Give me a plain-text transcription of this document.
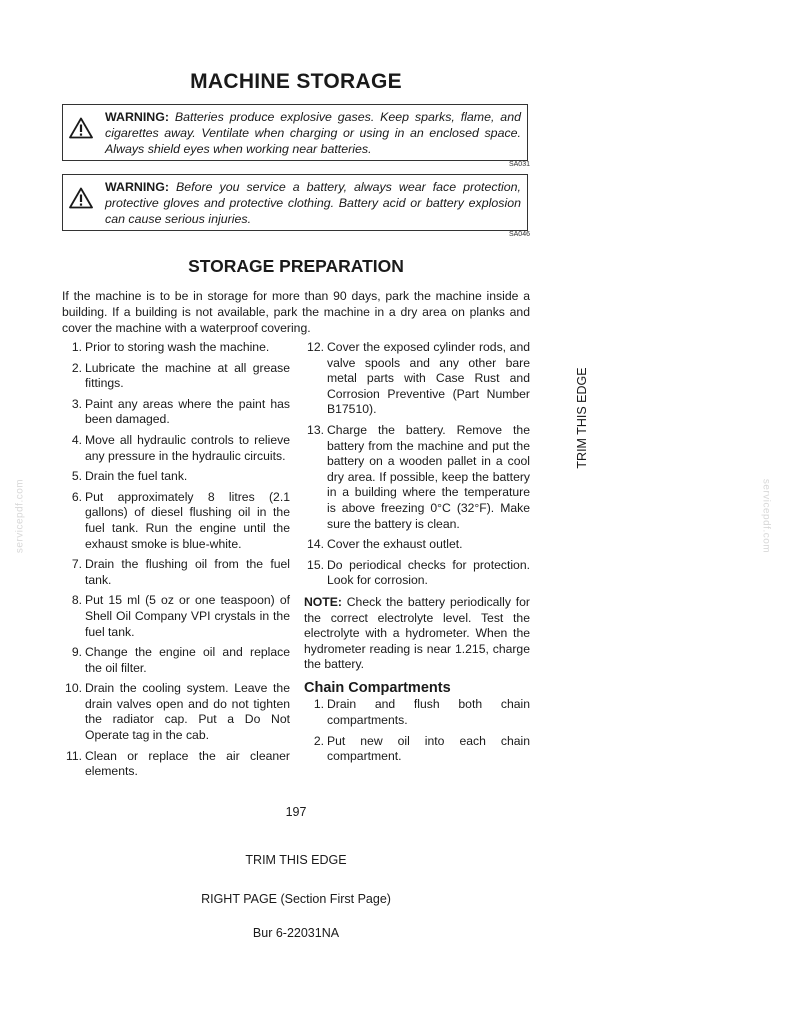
MACHINE STORAGE
WARNING: Batteries produce explosive gases. Keep sparks, flame, and cigarettes away. Ventilate when charging or using in an enclosed space. Always shield eyes when working near batteries.
SA031
WARNING: Before you service a battery, always wear face protection, protective gloves and protective clothing. Battery acid or battery explosion can cause serious injuries.
SA046
STORAGE PREPARATION
If the machine is to be in storage for more than 90 days, park the machine inside a building. If a building is not available, park the machine in a dry area on planks and cover the machine with a waterproof covering.
1. Prior to storing wash the machine.
2. Lubricate the machine at all grease fittings.
3. Paint any areas where the paint has been damaged.
4. Move all hydraulic controls to relieve any pressure in the hydraulic circuits.
5. Drain the fuel tank.
6. Put approximately 8 litres (2.1 gallons) of diesel flushing oil in the fuel tank. Run the engine until the exhaust smoke is blue-white.
7. Drain the flushing oil from the fuel tank.
8. Put 15 ml (5 oz or one teaspoon) of Shell Oil Company VPI crystals in the fuel tank.
9. Change the engine oil and replace the oil filter.
10. Drain the cooling system. Leave the drain valves open and do not tighten the radiator cap. Put a Do Not Operate tag in the cab.
11. Clean or replace the air cleaner elements.
12. Cover the exposed cylinder rods, and valve spools and any other bare metal parts with Case Rust and Corrosion Preventive (Part Number B17510).
13. Charge the battery. Remove the battery from the machine and put the battery on a wooden pallet in a cool dry area. If possible, keep the battery in a building where the temperature is above freezing 0°C (32°F). Make sure the battery is clean.
14. Cover the exhaust outlet.
15. Do periodical checks for protection. Look for corrosion.
NOTE: Check the battery periodically for the correct electrolyte level. Test the electrolyte with a hydrometer. When the hydrometer reading is near 1.215, charge the battery.
Chain Compartments
1. Drain and flush both chain compartments.
2. Put new oil into each chain compartment.
197
TRIM THIS EDGE
TRIM THIS EDGE
RIGHT PAGE (Section First Page)
Bur 6-22031NA
servicepdf.com	servicepdf.com
